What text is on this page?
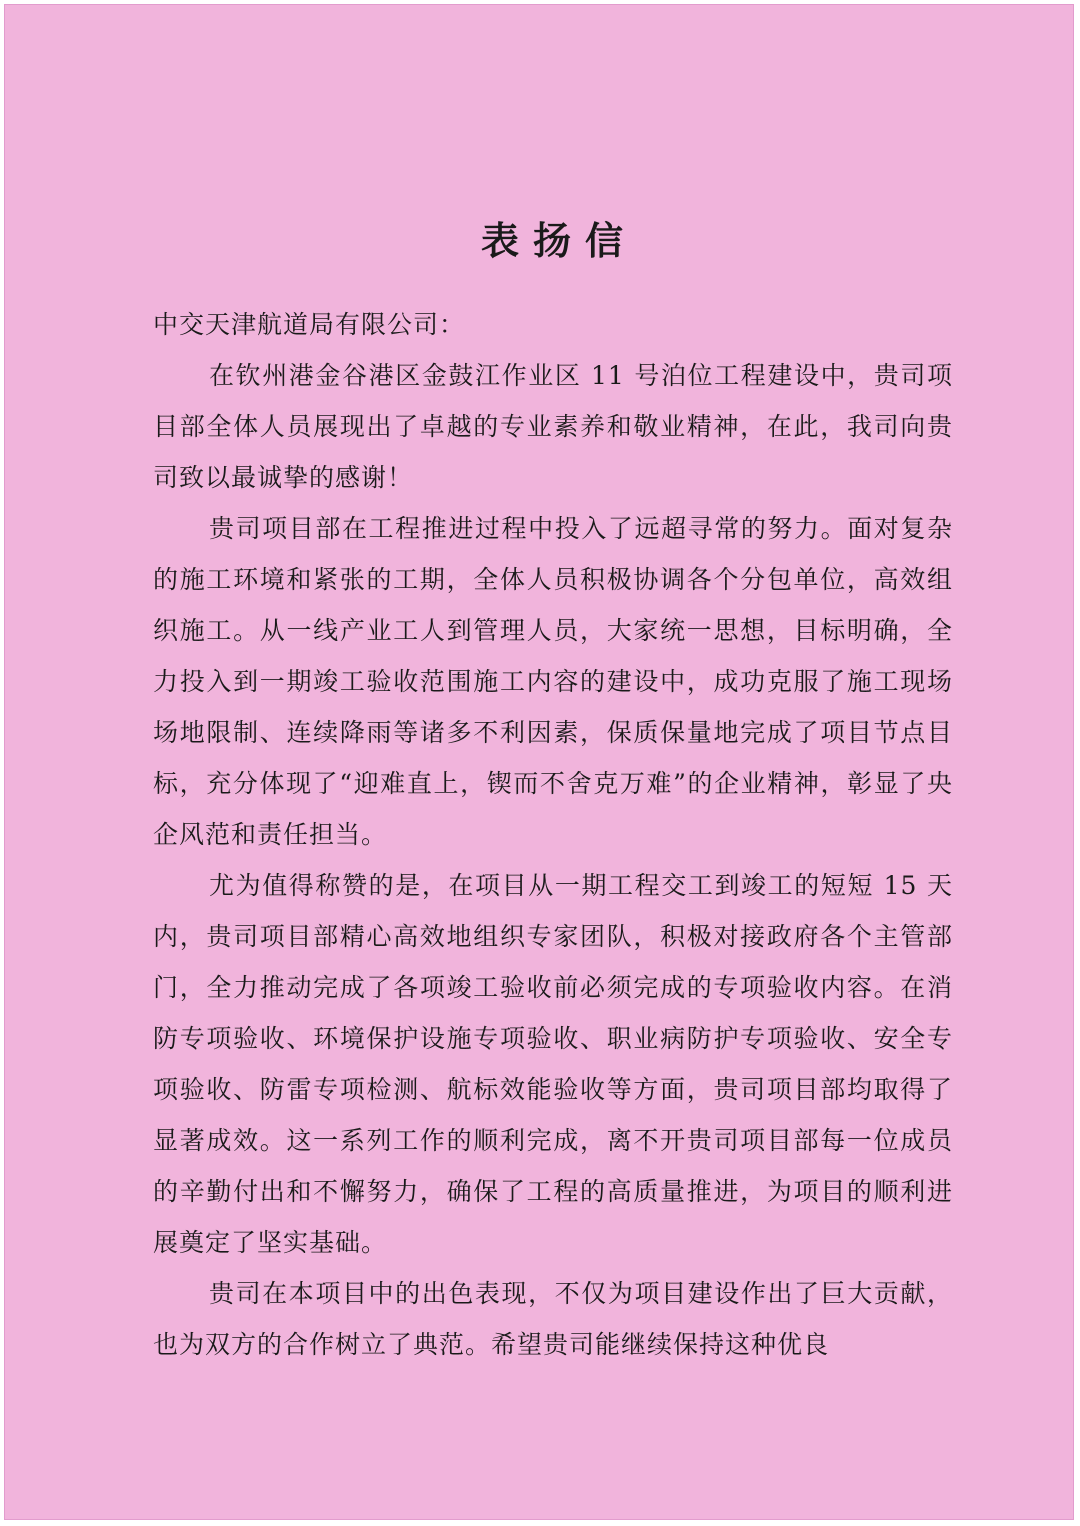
表扬信

中交天津航道局有限公司：

在钦州港金谷港区金鼓江作业区 11 号泊位工程建设中，贵司项目部全体人员展现出了卓越的专业素养和敬业精神，在此，我司向贵司致以最诚挚的感谢！

贵司项目部在工程推进过程中投入了远超寻常的努力。面对复杂的施工环境和紧张的工期，全体人员积极协调各个分包单位，高效组织施工。从一线产业工人到管理人员，大家统一思想，目标明确，全力投入到一期竣工验收范围施工内容的建设中，成功克服了施工现场场地限制、连续降雨等诸多不利因素，保质保量地完成了项目节点目标，充分体现了“迎难直上，锲而不舍克万难”的企业精神，彰显了央企风范和责任担当。

尤为值得称赞的是，在项目从一期工程交工到竣工的短短 15 天内，贵司项目部精心高效地组织专家团队，积极对接政府各个主管部门，全力推动完成了各项竣工验收前必须完成的专项验收内容。在消防专项验收、环境保护设施专项验收、职业病防护专项验收、安全专项验收、防雷专项检测、航标效能验收等方面，贵司项目部均取得了显著成效。这一系列工作的顺利完成，离不开贵司项目部每一位成员的辛勤付出和不懈努力，确保了工程的高质量推进，为项目的顺利进展奠定了坚实基础。

贵司在本项目中的出色表现，不仅为项目建设作出了巨大贡献，也为双方的合作树立了典范。希望贵司能继续保持这种优良
